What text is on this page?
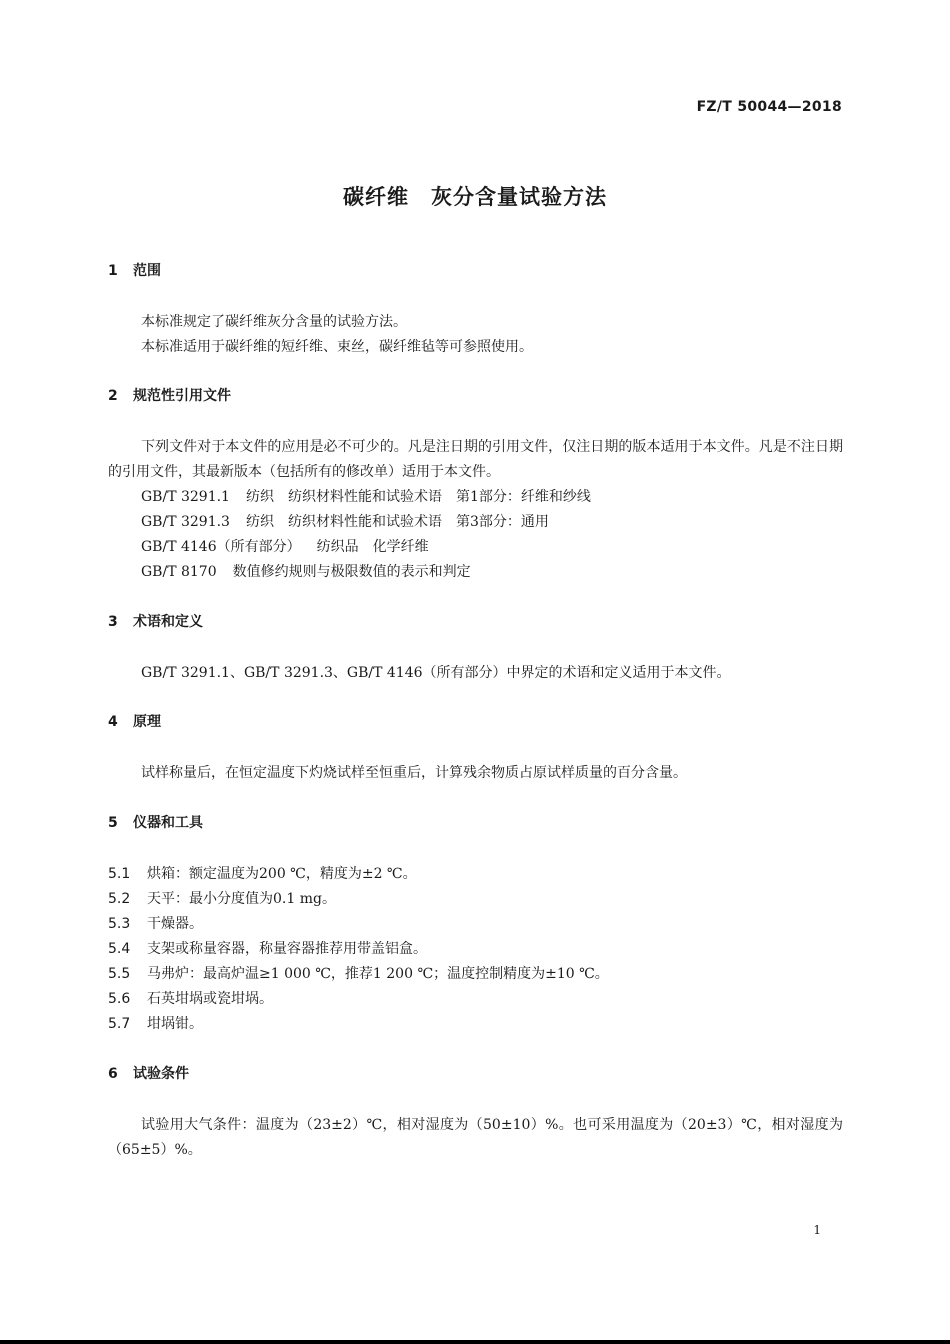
FZ/T 50044—2018
碳纤维　灰分含量试验方法
1 范围
本标准规定了碳纤维灰分含量的试验方法。
本标准适用于碳纤维的短纤维、束丝，碳纤维毡等可参照使用。
2 规范性引用文件
下列文件对于本文件的应用是必不可少的。凡是注日期的引用文件，仅注日期的版本适用于本文件。凡是不注日期的引用文件，其最新版本（包括所有的修改单）适用于本文件。
GB/T 3291.1 纺织　纺织材料性能和试验术语　第1部分：纤维和纱线
GB/T 3291.3 纺织　纺织材料性能和试验术语　第3部分：通用
GB/T 4146（所有部分） 纺织品　化学纤维
GB/T 8170 数值修约规则与极限数值的表示和判定
3 术语和定义
GB/T 3291.1、GB/T 3291.3、GB/T 4146（所有部分）中界定的术语和定义适用于本文件。
4 原理
试样称量后，在恒定温度下灼烧试样至恒重后，计算残余物质占原试样质量的百分含量。
5 仪器和工具
5.1 烘箱：额定温度为200 ℃，精度为±2 ℃。
5.2 天平：最小分度值为0.1 mg。
5.3 干燥器。
5.4 支架或称量容器，称量容器推荐用带盖铝盒。
5.5 马弗炉：最高炉温≥1 000 ℃，推荐1 200 ℃；温度控制精度为±10 ℃。
5.6 石英坩埚或瓷坩埚。
5.7 坩埚钳。
6 试验条件
试验用大气条件：温度为（23±2）℃，相对湿度为（50±10）%。也可采用温度为（20±3）℃，相对湿度为（65±5）%。
1
